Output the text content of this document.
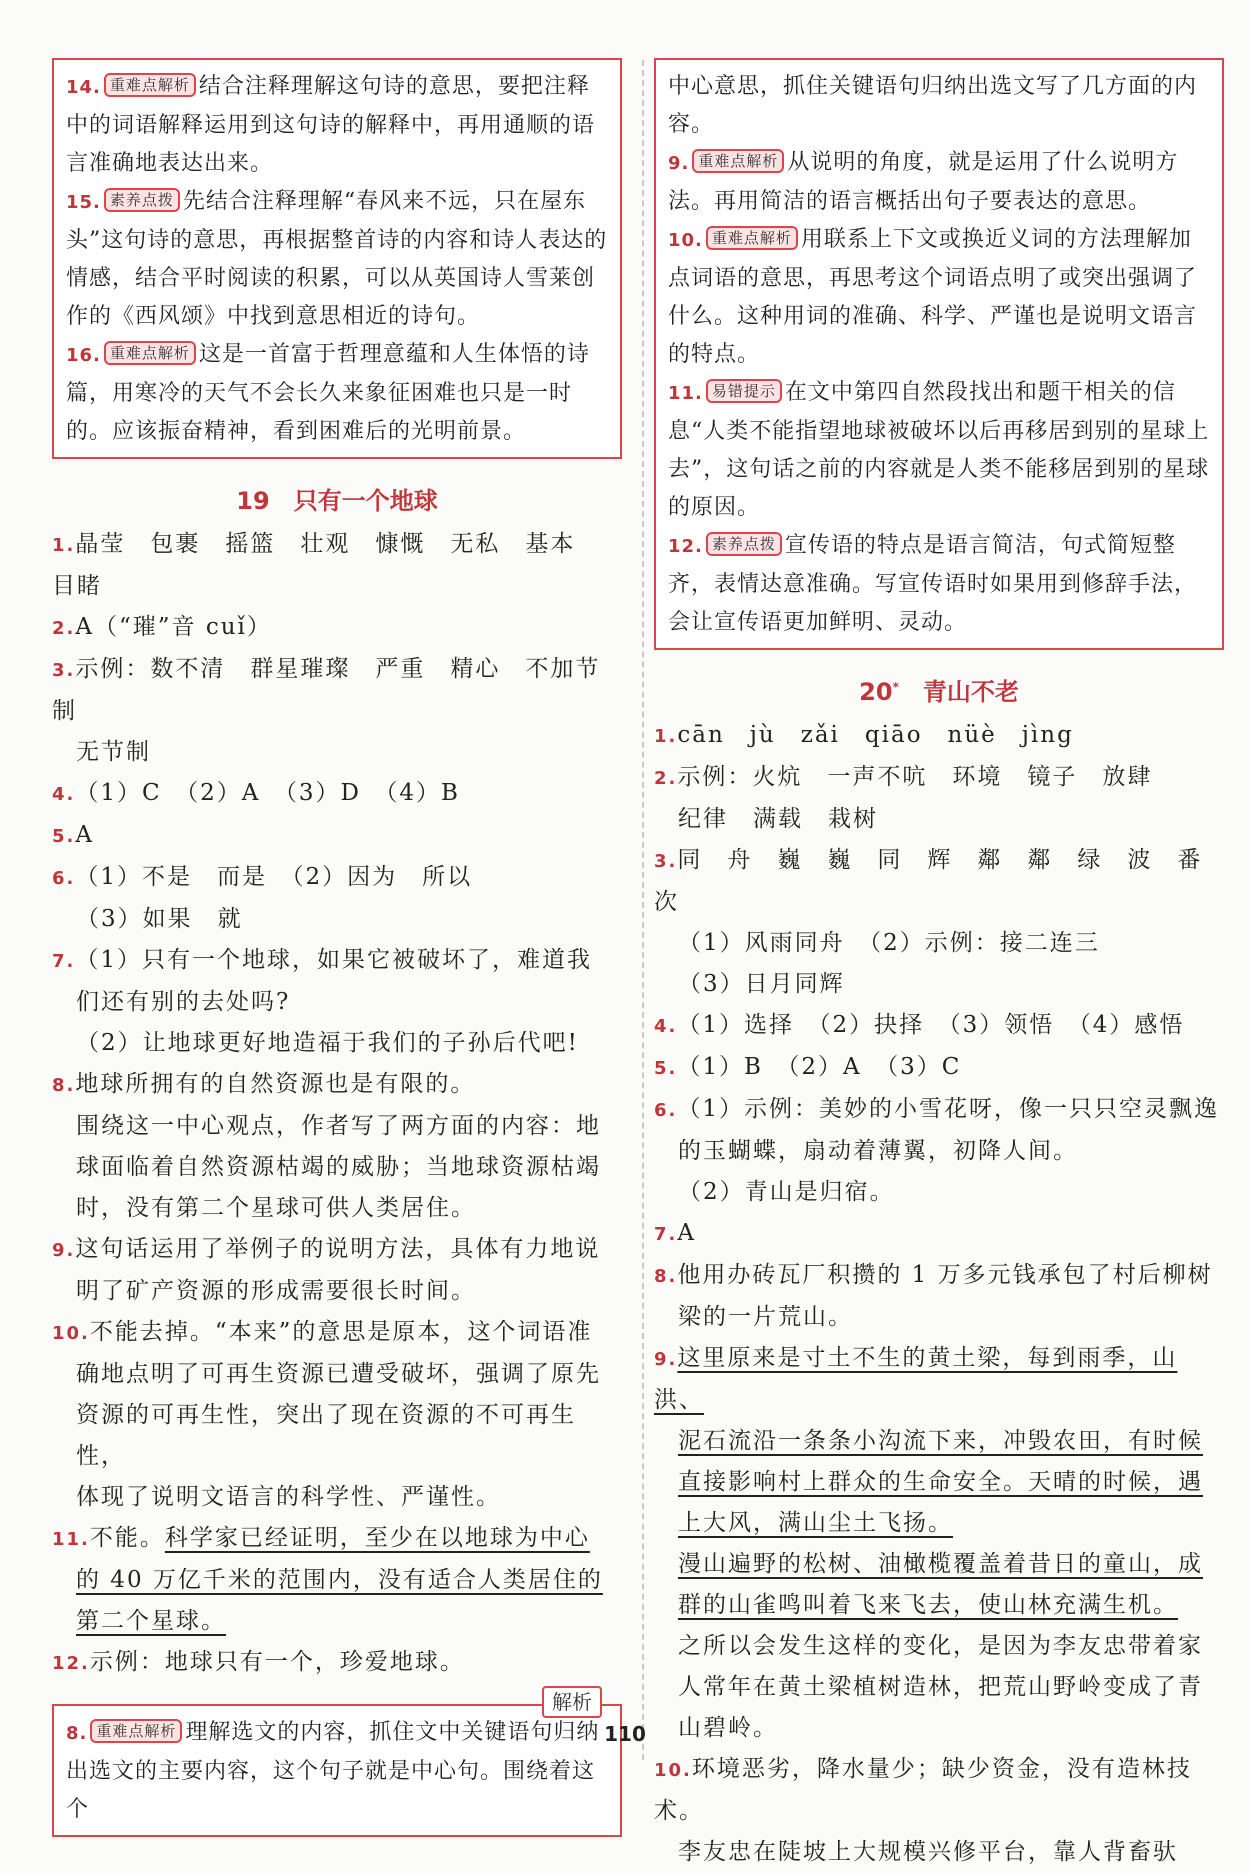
14. 重难点解析 结合注释理解这句诗的意思，要把注释中的词语解释运用到这句诗的解释中，再用通顺的语言准确地表达出来。

15. 素养点拨 先结合注释理解“春风来不远，只在屋东头”这句诗的意思，再根据整首诗的内容和诗人表达的情感，结合平时阅读的积累，可以从英国诗人雪莱创作的《西风颂》中找到意思相近的诗句。

16. 重难点解析 这是一首富于哲理意蕴和人生体悟的诗篇，用寒冷的天气不会长久来象征困难也只是一时的。应该振奋精神，看到困难后的光明前景。

19　 只有一个地球

1.晶莹　包裹　摇篮　壮观　慷慨　无私　基本　目睹

2.A（“璀”音 cuǐ）

3.示例：数不清　群星璀璨　严重　精心　不加节制

无节制

4.（1）C　（2）A　（3）D　（4）B

5.A

6.（1）不是　而是　（2）因为　所以

（3）如果　就

7.（1）只有一个地球，如果它被破坏了，难道我

们还有别的去处吗?

（2）让地球更好地造福于我们的子孙后代吧!

8.地球所拥有的自然资源也是有限的。

围绕这一中心观点，作者写了两方面的内容：地

球面临着自然资源枯竭的威胁；当地球资源枯竭

时，没有第二个星球可供人类居住。

9.这句话运用了举例子的说明方法，具体有力地说

明了矿产资源的形成需要很长时间。

10.不能去掉。“本来”的意思是原本，这个词语准

确地点明了可再生资源已遭受破坏，强调了原先

资源的可再生性，突出了现在资源的不可再生性，

体现了说明文语言的科学性、严谨性。

11.不能。科学家已经证明，至少在以地球为中心

的 40 万亿千米的范围内，没有适合人类居住的

第二个星球。

12.示例：地球只有一个，珍爱地球。

解析

8. 重难点解析 理解选文的内容，抓住文中关键语句归纳出选文的主要内容，这个句子就是中心句。围绕着这个

中心意思，抓住关键语句归纳出选文写了几方面的内容。

9. 重难点解析 从说明的角度，就是运用了什么说明方法。再用简洁的语言概括出句子要表达的意思。

10. 重难点解析 用联系上下文或换近义词的方法理解加点词语的意思，再思考这个词语点明了或突出强调了什么。这种用词的准确、科学、严谨也是说明文语言的特点。

11. 易错提示 在文中第四自然段找出和题干相关的信息“人类不能指望地球被破坏以后再移居到别的星球上去”，这句话之前的内容就是人类不能移居到别的星球的原因。

12. 素养点拨 宣传语的特点是语言简洁，句式简短整齐，表情达意准确。写宣传语时如果用到修辞手法，会让宣传语更加鲜明、灵动。

20*　 青山不老

1.cān　jù　zǎi　qiāo　nüè　jìng

2.示例：火炕　一声不吭　环境　镜子　放肆

纪律　满载　栽树

3.同　舟　巍　巍　同　辉　鄰　鄰　绿　波　番　次

（1）风雨同舟　（2）示例：接二连三

（3）日月同辉

4.（1）选择　（2）抉择　（3）领悟　（4）感悟

5.（1）B　（2）A　（3）C

6.（1）示例：美妙的小雪花呀，像一只只空灵飘逸

的玉蝴蝶，扇动着薄翼，初降人间。

（2）青山是归宿。

7.A

8.他用办砖瓦厂积攒的 1 万多元钱承包了村后柳树

梁的一片荒山。

9.这里原来是寸土不生的黄土梁，每到雨季，山洪、

泥石流沿一条条小沟流下来，冲毁农田，有时候

直接影响村上群众的生命安全。天晴的时候，遇

上大风，满山尘土飞扬。

漫山遍野的松树、油橄榄覆盖着昔日的童山，成

群的山雀鸣叫着飞来飞去，使山林充满生机。

之所以会发生这样的变化，是因为李友忠带着家

人常年在黄土梁植树造林，把荒山野岭变成了青

山碧岭。

10.环境恶劣，降水量少；缺少资金，没有造林技术。

李友忠在陡坡上大规模兴修平台，靠人背畜驮

110
